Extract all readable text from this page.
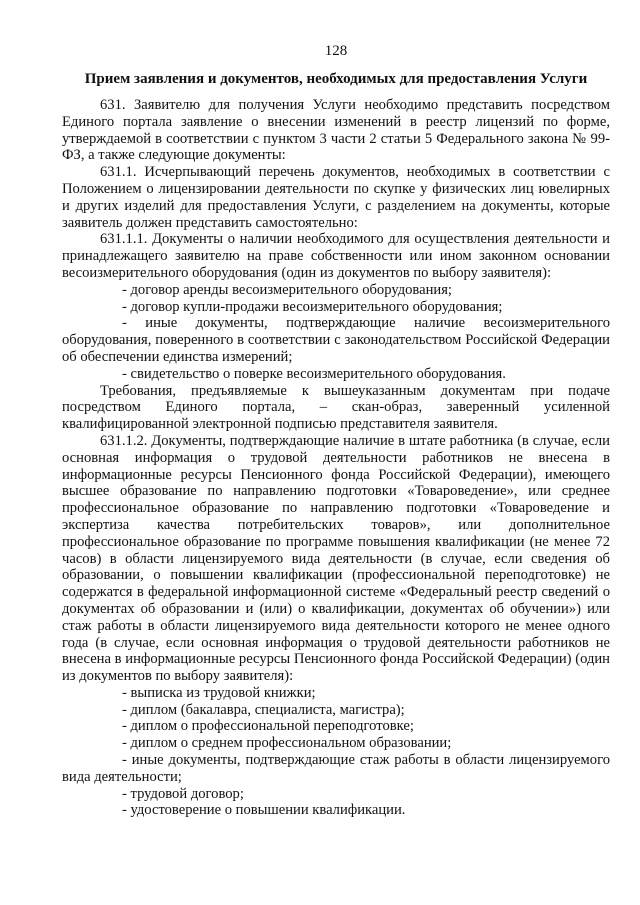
128
Прием заявления и документов, необходимых для предоставления Услуги

631. Заявителю для получения Услуги необходимо представить посредством Единого портала заявление о внесении изменений в реестр лицензий по форме, утверждаемой в соответствии с пунктом 3 части 2 статьи 5 Федерального закона № 99-ФЗ, а также следующие документы:

631.1. Исчерпывающий перечень документов, необходимых в соответствии с Положением о лицензировании деятельности по скупке у физических лиц ювелирных и других изделий для предоставления Услуги, с разделением на документы, которые заявитель должен представить самостоятельно:

631.1.1. Документы о наличии необходимого для осуществления деятельности и принадлежащего заявителю на праве собственности или ином законном основании весоизмерительного оборудования (один из документов по выбору заявителя):

- договор аренды весоизмерительного оборудования;

- договор купли-продажи весоизмерительного оборудования;

- иные документы, подтверждающие наличие весоизмерительного оборудования, поверенного в соответствии с законодательством Российской Федерации об обеспечении единства измерений;

- свидетельство о поверке весоизмерительного оборудования.

Требования, предъявляемые к вышеуказанным документам при подаче посредством Единого портала, – скан-образ, заверенный усиленной квалифицированной электронной подписью представителя заявителя.

631.1.2. Документы, подтверждающие наличие в штате работника (в случае, если основная информация о трудовой деятельности работников не внесена в информационные ресурсы Пенсионного фонда Российской Федерации), имеющего высшее образование по направлению подготовки «Товароведение», или среднее профессиональное образование по направлению подготовки «Товароведение и экспертиза качества потребительских товаров», или дополнительное профессиональное образование по программе повышения квалификации (не менее 72 часов) в области лицензируемого вида деятельности (в случае, если сведения об образовании, о повышении квалификации (профессиональной переподготовке) не содержатся в федеральной информационной системе «Федеральный реестр сведений о документах об образовании и (или) о квалификации, документах об обучении») или стаж работы в области лицензируемого вида деятельности которого не менее одного года (в случае, если основная информация о трудовой деятельности работников не внесена в информационные ресурсы Пенсионного фонда Российской Федерации) (один из документов по выбору заявителя):

- выписка из трудовой книжки;

- диплом (бакалавра, специалиста, магистра);

- диплом о профессиональной переподготовке;

- диплом о среднем профессиональном образовании;

- иные документы, подтверждающие стаж работы в области лицензируемого вида деятельности;

- трудовой договор;

- удостоверение о повышении квалификации.
